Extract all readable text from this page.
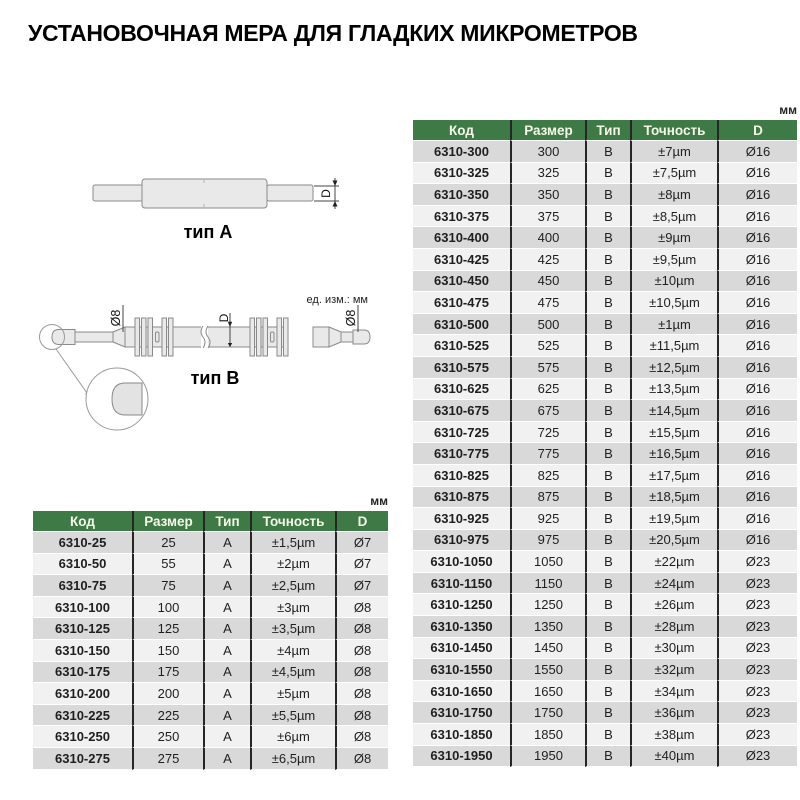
УСТАНОВОЧНАЯ МЕРА ДЛЯ ГЛАДКИХ МИКРОМЕТРОВ
D
тип A
ед. изм.: мм
D
Ø8	Ø8
тип B
мм
Код	Размер	Тип	Точность	D
6310-25	25	A	±1,5µm	Ø7
6310-50	55	A	±2µm	Ø7
6310-75	75	A	±2,5µm	Ø7
6310-100	100	A	±3µm	Ø8
6310-125	125	A	±3,5µm	Ø8
6310-150	150	A	±4µm	Ø8
6310-175	175	A	±4,5µm	Ø8
6310-200	200	A	±5µm	Ø8
6310-225	225	A	±5,5µm	Ø8
6310-250	250	A	±6µm	Ø8
6310-275	275	A	±6,5µm	Ø8
мм
Код	Размер	Тип	Точность	D
6310-300	300	B	±7µm	Ø16
6310-325	325	B	±7,5µm	Ø16
6310-350	350	B	±8µm	Ø16
6310-375	375	B	±8,5µm	Ø16
6310-400	400	B	±9µm	Ø16
6310-425	425	B	±9,5µm	Ø16
6310-450	450	B	±10µm	Ø16
6310-475	475	B	±10,5µm	Ø16
6310-500	500	B	±1µm	Ø16
6310-525	525	B	±11,5µm	Ø16
6310-575	575	B	±12,5µm	Ø16
6310-625	625	B	±13,5µm	Ø16
6310-675	675	B	±14,5µm	Ø16
6310-725	725	B	±15,5µm	Ø16
6310-775	775	B	±16,5µm	Ø16
6310-825	825	B	±17,5µm	Ø16
6310-875	875	B	±18,5µm	Ø16
6310-925	925	B	±19,5µm	Ø16
6310-975	975	B	±20,5µm	Ø16
6310-1050	1050	B	±22µm	Ø23
6310-1150	1150	B	±24µm	Ø23
6310-1250	1250	B	±26µm	Ø23
6310-1350	1350	B	±28µm	Ø23
6310-1450	1450	B	±30µm	Ø23
6310-1550	1550	B	±32µm	Ø23
6310-1650	1650	B	±34µm	Ø23
6310-1750	1750	B	±36µm	Ø23
6310-1850	1850	B	±38µm	Ø23
6310-1950	1950	B	±40µm	Ø23
